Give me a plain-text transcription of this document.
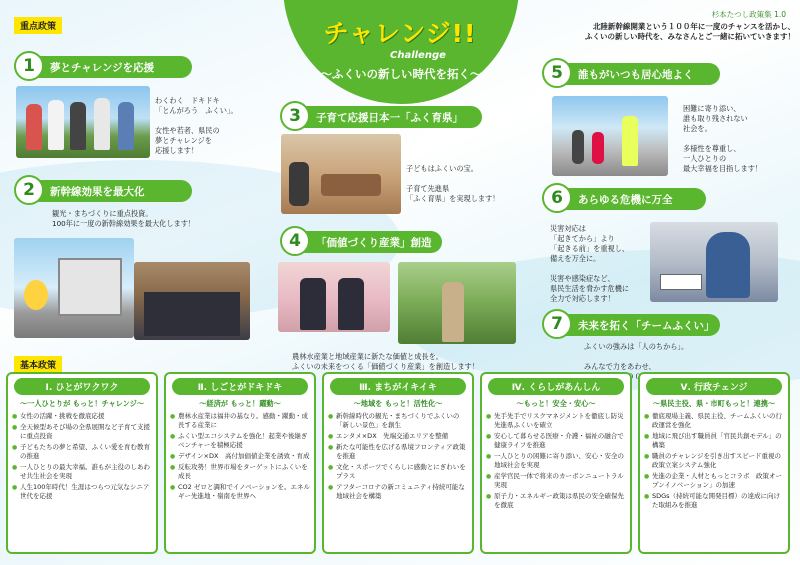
杉本たつし政策集 1.0
北陸新幹線開業という１００年に一度のチャンスを活かし、
ふくいの新しい時代を、みなさんとご一緒に拓いていきます！
チャレンジ!!
Challenge
〜ふくいの新しい時代を拓く〜
重点政策
基本政策
1	夢とチャレンジを応援
わくわく　ドキドキ
「とんがろう　ふくい」。

女性や若者、県民の
夢とチャレンジを
応援します！
2	新幹線効果を最大化
観光・まちづくりに重点投資。
100年に一度の新幹線効果を最大化します！
3	子育て応援日本一「ふく育県」
子どもはふくいの宝。

子育て先進県
「ふく育県」を実現します！
4	「価値づくり産業」創造
農林水産業と地域産業に新たな価値と成長を。
ふくいの未来をつくる「価値づくり産業」を創造します！
5	誰もがいつも居心地よく
困難に寄り添い、
誰も取り残されない
社会を。

多様性を尊重し、
一人ひとりの
最大幸福を目指します！
6	あらゆる危機に万全
災害対応は
「起きてから」より
「起きる前」を重視し、
備えを万全に。

災害や感染症など、
県民生活を脅かす危機に
全力で対応します！
7	未来を拓く「チームふくい」
ふくいの強みは「人のちから」。

みんなで力をあわせ、

Ⅰ. ひとがワクワク
〜一人ひとりが もっと！チャレンジ〜
● 女性の活躍・挑戦を徹底応援
● 全天候型あそび場の全県展開など子育て支援に重点投資
● 子どもたちの夢と希望、ふくい愛を育む教育の推進
● 一人ひとりの最大幸福。誰もが主役のしあわせ共生社会を実現
● 人生100年時代！生涯はつらつ元気なシニア世代を応援
Ⅱ. しごとがドキドキ
〜経済が もっと！躍動〜
● 農林水産業は福井の基なり。感動・躍動・成長する産業に
● ふくい型エコシステムを強化！起業や後継ぎベンチャーを積極応援
● デザイン×DX　高付加価値企業を誘致・育成
● 反転攻勢！世界市場をターゲットにふくいを成長
● CO2 ゼロと調和でイノベーションを。エネルギー先進地・嶺南を世界へ
Ⅲ. まちがイキイキ
〜地域を もっと！活性化〜
● 新幹線時代の観光・まちづくりでふくいの「新しい景色」を創生
● エンタメ×DX　先端交通エリアを整備
● 新たな可能性を広げる県境フロンティア政策を推進
● 文化・スポーツでくらしに感動とにぎわいをプラス
● アフターコロナの新コミュニティ持続可能な地域社会を構築
Ⅳ. くらしがあんしん
〜もっと！安全・安心〜
● 先手先手でリスクマネジメントを徹底し防災先進県ふくいを確立
● 安心して暮らせる医療・介護・福祉の融合で健康ライフを推進
● 一人ひとりの困難に寄り添い、安心・安全の地域社会を実現
● 産学官民一体で将来のカーボンニュートラル実現
● 原子力・エネルギー政策は県民の安全確保先を徹底
Ⅴ. 行政チェンジ
〜県民主役、県・市町もっと！連携〜
● 徹底現場主義、県民主役、チームふくいの行政運営を強化
● 地域に飛び出す職員員「官民共創モデル」の構築
● 職員のチャレンジを引き出すスピード重視の政策立案システム強化
● 先進の企業・人材ともっとコラボ　政策オープンイノベーション」の加速
● SDGs（持続可能な開発目標）の達成に向けた取組みを推進
